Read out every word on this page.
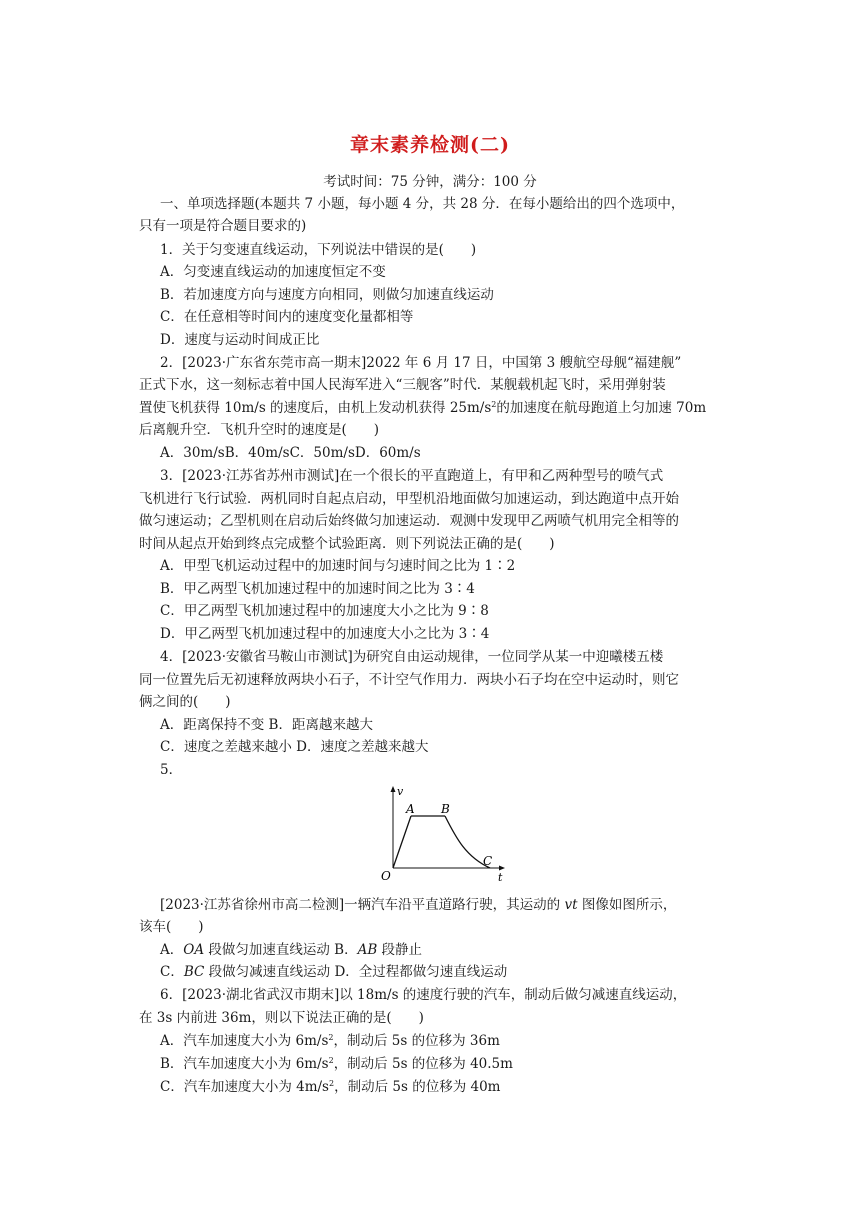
章末素养检测(二)
考试时间：75 分钟，满分：100 分
一、单项选择题(本题共 7 小题，每小题 4 分，共 28 分．在每小题给出的四个选项中，
只有一项是符合题目要求的)
1．关于匀变速直线运动，下列说法中错误的是(　　)
A．匀变速直线运动的加速度恒定不变
B．若加速度方向与速度方向相同，则做匀加速直线运动
C．在任意相等时间内的速度变化量都相等
D．速度与运动时间成正比
2．[2023·广东省东莞市高一期末]2022 年 6 月 17 日，中国第 3 艘航空母舰“福建舰”
正式下水，这一刻标志着中国人民海军进入“三舰客”时代．某舰载机起飞时，采用弹射装
置使飞机获得 10m/s 的速度后，由机上发动机获得 $25m/s^2$的加速度在航母跑道上匀加速 70m
后离舰升空．飞机升空时的速度是(　　)
A．30m/sB．40m/sC．50m/sD．60m/s
3．[2023·江苏省苏州市测试]在一个很长的平直跑道上，有甲和乙两种型号的喷气式
飞机进行飞行试验．两机同时自起点启动，甲型机沿地面做匀加速运动，到达跑道中点开始
做匀速运动；乙型机则在启动后始终做匀加速运动．观测中发现甲乙两喷气机用完全相等的
时间从起点开始到终点完成整个试验距离．则下列说法正确的是(　　)
A．甲型飞机运动过程中的加速时间与匀速时间之比为 1∶2
B．甲乙两型飞机加速过程中的加速时间之比为 3∶4
C．甲乙两型飞机加速过程中的加速度大小之比为 9∶8
D．甲乙两型飞机加速过程中的加速度大小之比为 3∶4
4．[2023·安徽省马鞍山市测试]为研究自由运动规律，一位同学从某一中迎曦楼五楼
同一位置先后无初速释放两块小石子，不计空气作用力．两块小石子均在空中运动时，则它
俩之间的(　　)
A．距离保持不变 B．距离越来越大
C．速度之差越来越小 D．速度之差越来越大
5．
v
t
O
A B
C
[2023·江苏省徐州市高二检测]一辆汽车沿平直道路行驶，其运动的 vt 图像如图所示，
该车(　　)
A．OA 段做匀加速直线运动 B．AB 段静止
C．BC 段做匀减速直线运动 D．全过程都做匀速直线运动
6．[2023·湖北省武汉市期末]以 18m/s 的速度行驶的汽车，制动后做匀减速直线运动，
在 3s 内前进 36m，则以下说法正确的是(　　)
A．汽车加速度大小为 $6m/s^2$，制动后 5s 的位移为 36m
B．汽车加速度大小为 $6m/s^2$，制动后 5s 的位移为 40.5m
C．汽车加速度大小为 $4m/s^2$，制动后 5s 的位移为 40m
